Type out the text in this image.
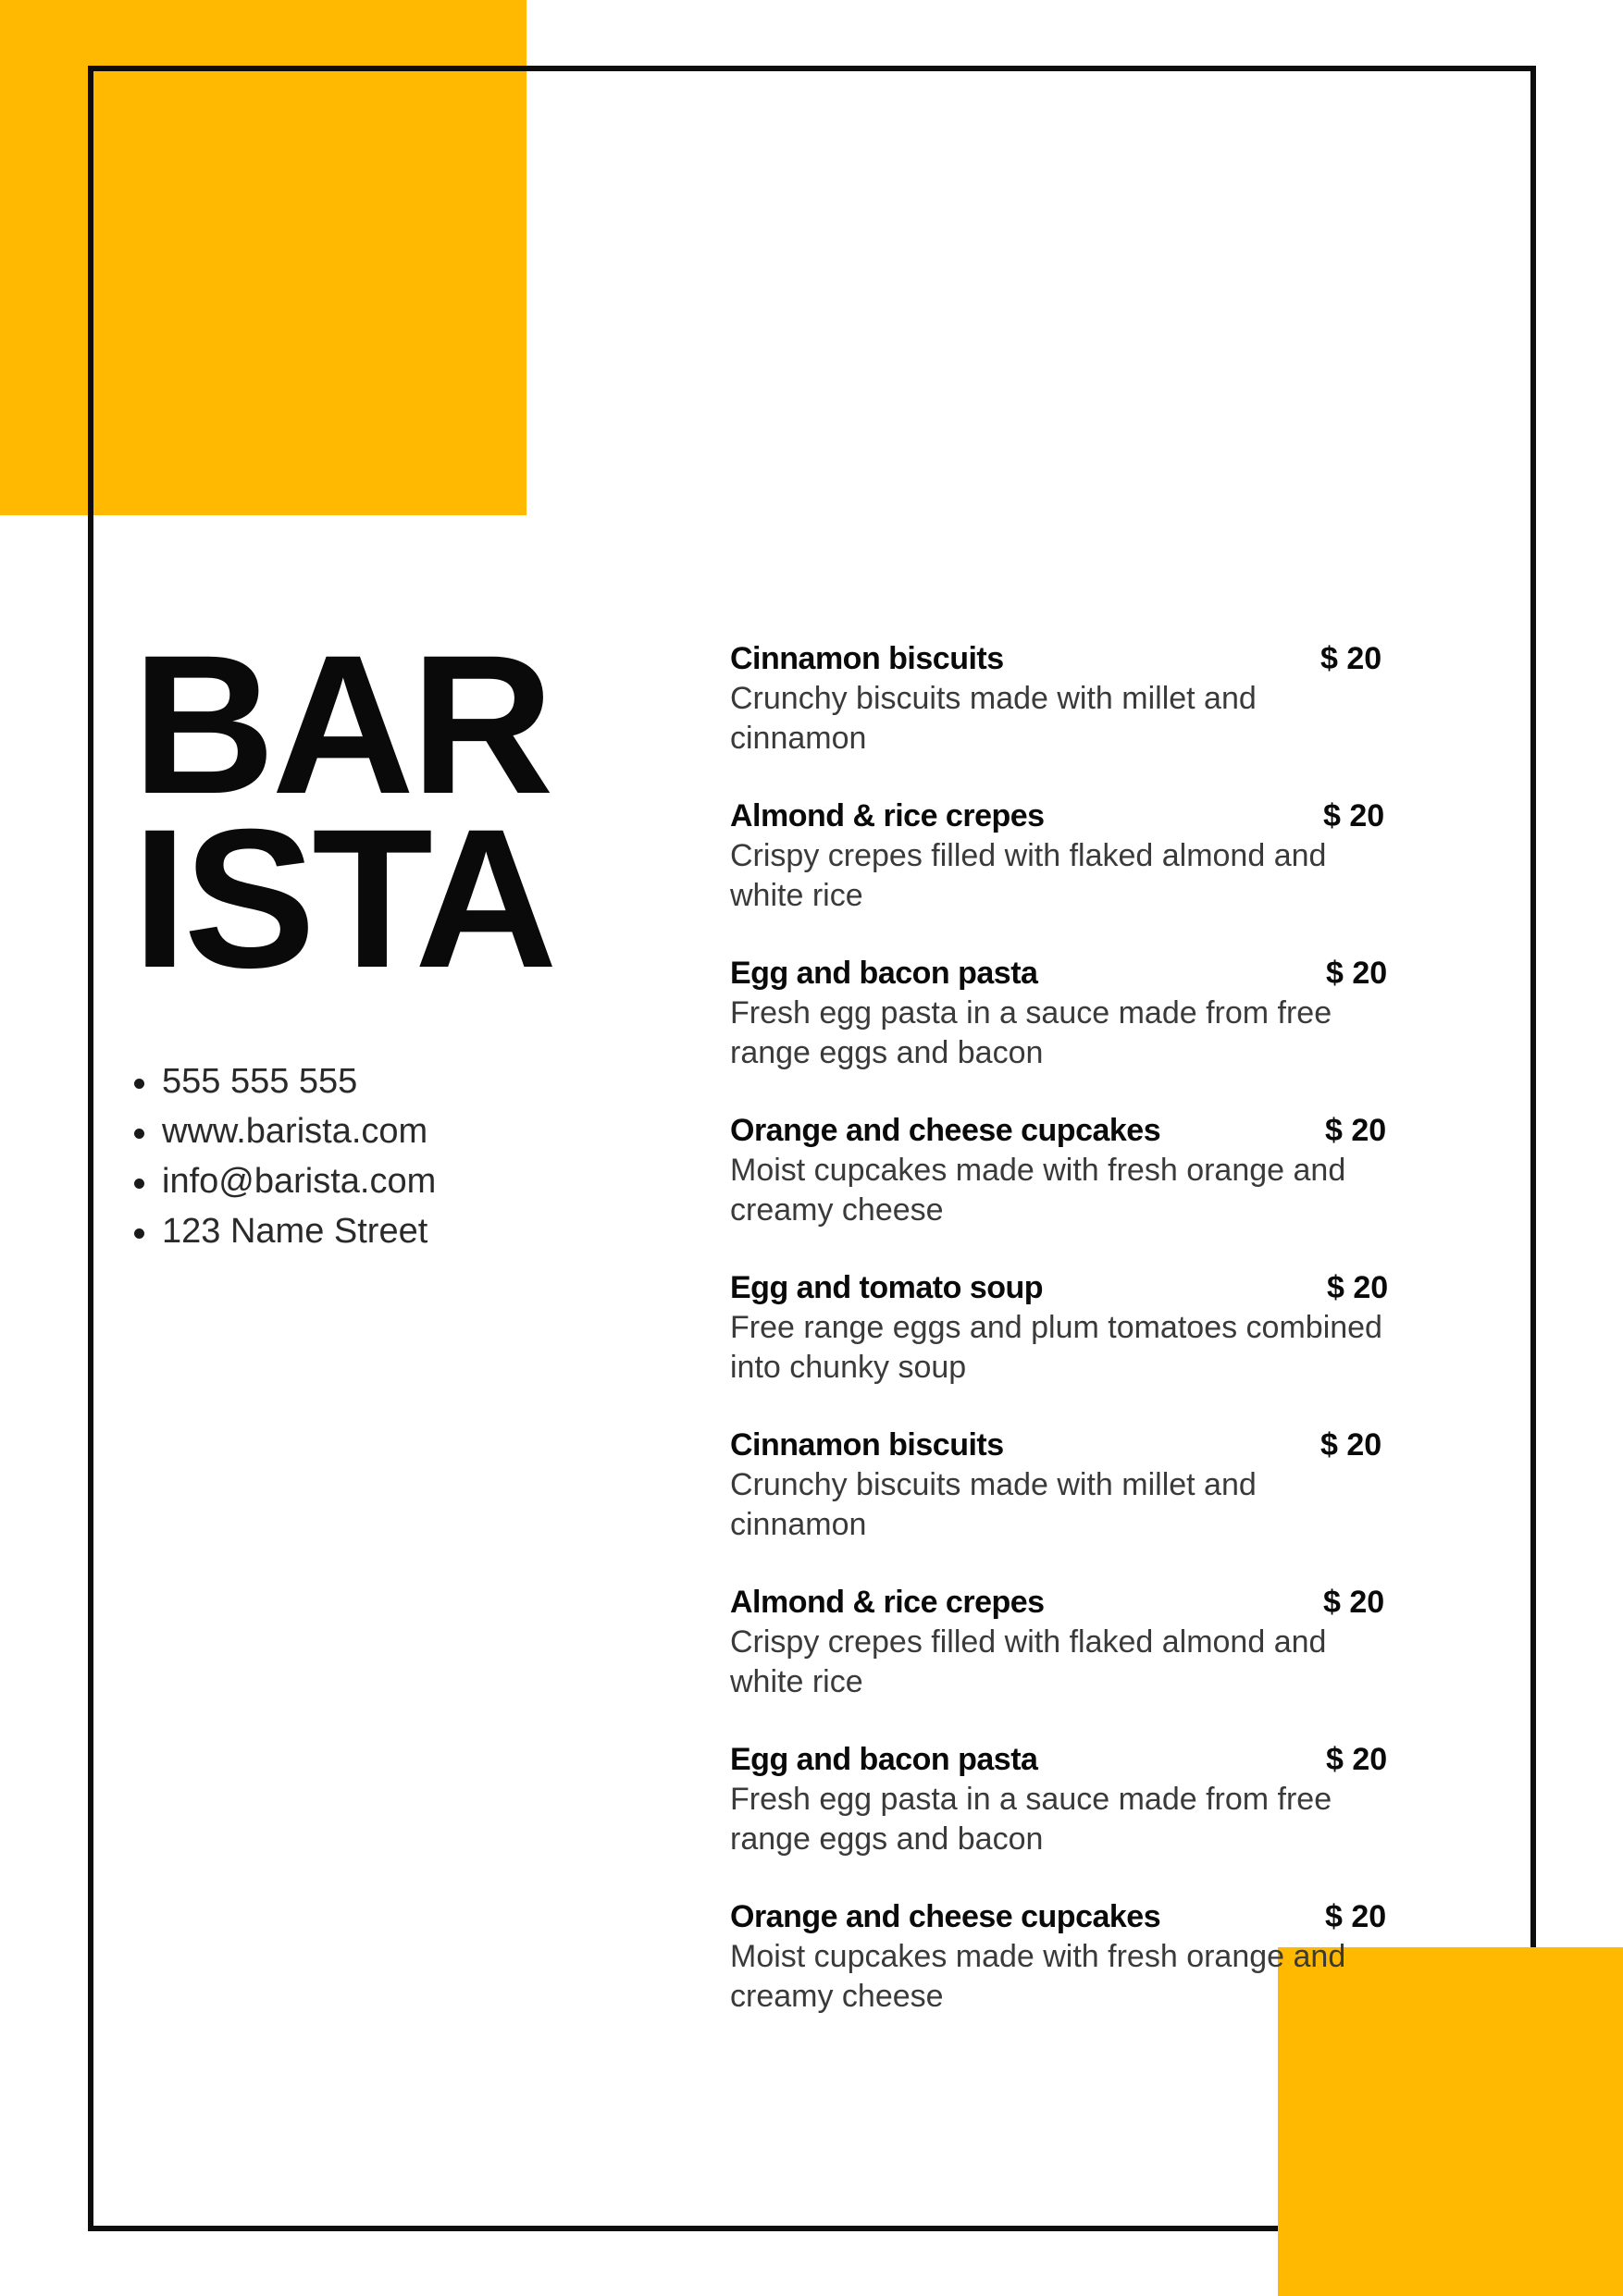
BAR
ISTA
555 555 555
www.barista.com
info@barista.com
123 Name Street
Cinnamon biscuits	$ 20
Crunchy biscuits made with millet and cinnamon
Almond & rice crepes	$ 20
Crispy crepes filled with flaked almond and white rice
Egg and bacon pasta	$ 20
Fresh egg pasta in a sauce made from free range eggs and bacon
Orange and cheese cupcakes	$ 20
Moist cupcakes made with fresh orange and creamy cheese
Egg and tomato soup	$ 20
Free range eggs and plum tomatoes combined into chunky soup
Cinnamon biscuits	$ 20
Crunchy biscuits made with millet and cinnamon
Almond & rice crepes	$ 20
Crispy crepes filled with flaked almond and white rice
Egg and bacon pasta	$ 20
Fresh egg pasta in a sauce made from free range eggs and bacon
Orange and cheese cupcakes	$ 20
Moist cupcakes made with fresh orange and creamy cheese
